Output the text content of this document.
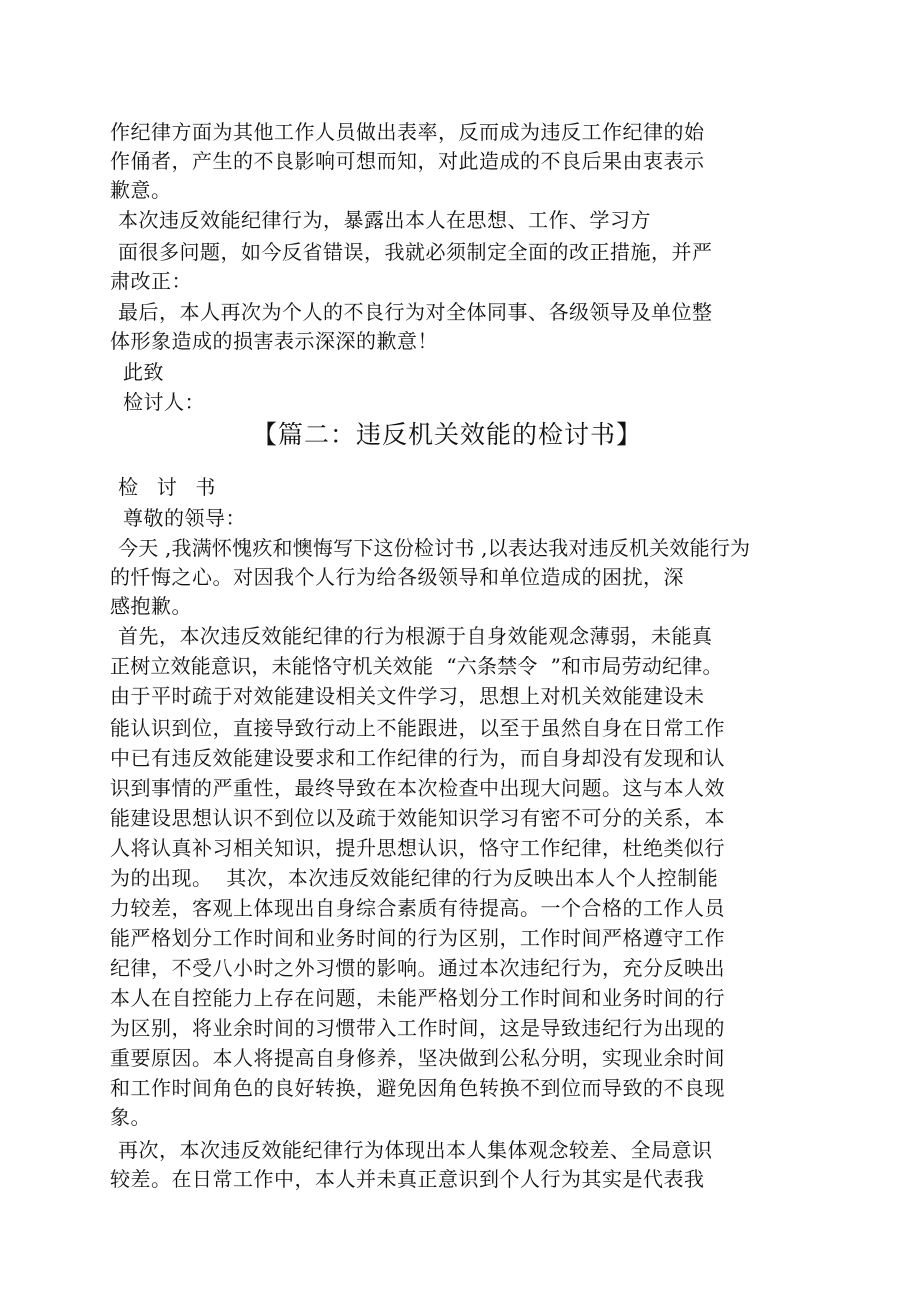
作纪律方面为其他工作人员做出表率，反而成为违反工作纪律的始
作俑者，产生的不良影响可想而知，对此造成的不良后果由衷表示
歉意。
本次违反效能纪律行为，暴露出本人在思想、工作、学习方
面很多问题，如今反省错误，我就必须制定全面的改正措施，并严
肃改正：
最后，本人再次为个人的不良行为对全体同事、各级领导及单位整
体形象造成的损害表示深深的歉意！
此致
检讨人：
【篇二：违反机关效能的检讨书】
检  讨  书
尊敬的领导：
今天 ,我满怀愧疚和懊悔写下这份检讨书 ,以表达我对违反机关效能行为
的忏悔之心。对因我个人行为给各级领导和单位造成的困扰，深
感抱歉。
首先，本次违反效能纪律的行为根源于自身效能观念薄弱，未能真
正树立效能意识，未能恪守机关效能  “六条禁令  ”和市局劳动纪律。
由于平时疏于对效能建设相关文件学习，思想上对机关效能建设未
能认识到位，直接导致行动上不能跟进，以至于虽然自身在日常工作
中已有违反效能建设要求和工作纪律的行为，而自身却没有发现和认
识到事情的严重性，最终导致在本次检查中出现大问题。这与本人效
能建设思想认识不到位以及疏于效能知识学习有密不可分的关系，本
人将认真补习相关知识，提升思想认识，恪守工作纪律，杜绝类似行
为的出现。  其次，本次违反效能纪律的行为反映出本人个人控制能
力较差，客观上体现出自身综合素质有待提高。一个合格的工作人员
能严格划分工作时间和业务时间的行为区别，工作时间严格遵守工作
纪律，不受八小时之外习惯的影响。通过本次违纪行为，充分反映出
本人在自控能力上存在问题，未能严格划分工作时间和业务时间的行
为区别，将业余时间的习惯带入工作时间，这是导致违纪行为出现的
重要原因。本人将提高自身修养，坚决做到公私分明，实现业余时间
和工作时间角色的良好转换，避免因角色转换不到位而导致的不良现
象。
再次，本次违反效能纪律行为体现出本人集体观念较差、全局意识
较差。在日常工作中，本人并未真正意识到个人行为其实是代表我
